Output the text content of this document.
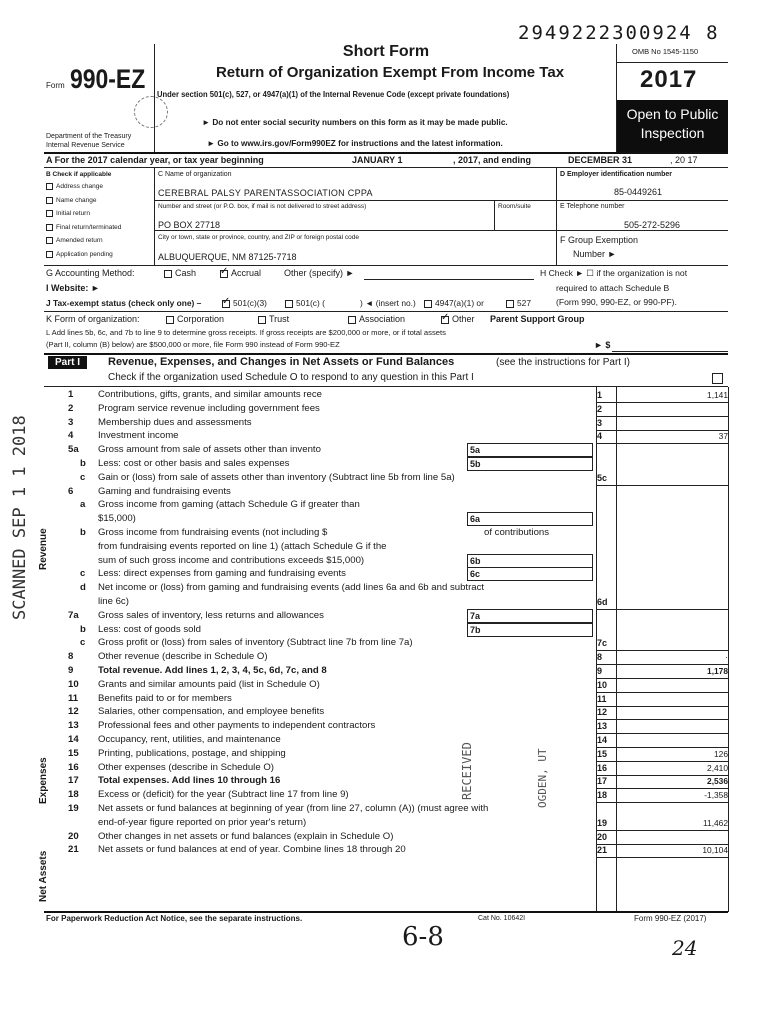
2949222300924 8
Form 990-EZ
Department of the Treasury
Internal Revenue Service
Short Form
Return of Organization Exempt From Income Tax
Under section 501(c), 527, or 4947(a)(1) of the Internal Revenue Code (except private foundations)
► Do not enter social security numbers on this form as it may be made public.
► Go to www.irs.gov/Form990EZ for instructions and the latest information.
OMB No 1545-1150
2017
Open to Public
Inspection
A For the 2017 calendar year, or tax year beginning	JANUARY 1	, 2017, and ending	DECEMBER 31	, 20 17
B Check if applicable
Address change
Name change
Initial return
Final return/terminated
Amended return
Application pending
C Name of organization
CEREBRAL PALSY PARENTASSOCIATION CPPA
Number and street (or P.O. box, if mail is not delivered to street address)	Room/suite
PO BOX 27718
City or town, state or province, country, and ZIP or foreign postal code
ALBUQUERQUE, NM 87125-7718
D Employer identification number
85-0449261
E Telephone number
505-272-5296
F Group Exemption
Number ►
G Accounting Method:	Cash ✓	Accrual	Other (specify) ►	H Check ► ☐ if the organization is not
required to attach Schedule B
(Form 990, 990-EZ, or 990-PF).
I Website: ►
J Tax-exempt status (check only one) – ✓	501(c)(3)	501(c) (	) ◄ (insert no.)	4947(a)(1) or	527
K Form of organization:	Corporation	Trust	Association ✓	Other Parent Support Group
L Add lines 5b, 6c, and 7b to line 9 to determine gross receipts. If gross receipts are $200,000 or more, or if total assets
(Part II, column (B) below) are $500,000 or more, file Form 990 instead of Form 990-EZ	► $
Part I	Revenue, Expenses, and Changes in Net Assets or Fund Balances	(see the instructions for Part I)
Check if the organization used Schedule O to respond to any question in this Part I
Revenue
Expenses
Net Assets
1	Contributions, gifts, grants, and similar amounts rece	1	1,141
2	Program service revenue including government fees	2
3	Membership dues and assessments	3
4	Investment income	4	37
5a Gross amount from sale of assets other than invento	5a
b Less: cost or other basis and sales expenses	5b
c Gain or (loss) from sale of assets other than inventory (Subtract line 5b from line 5a)	5c
6	Gaming and fundraising events
a Gross income from gaming (attach Schedule G if greater than
$15,000)	6a
b Gross income from fundraising events (not including $	of contributions
from fundraising events reported on line 1) (attach Schedule G if the
sum of such gross income and contributions exceeds $15,000)	6b
c Less: direct expenses from gaming and fundraising events	6c
d Net income or (loss) from gaming and fundraising events (add lines 6a and 6b and subtract
line 6c)	6d
7a Gross sales of inventory, less returns and allowances	7a
b Less: cost of goods sold	7b
c Gross profit or (loss) from sales of inventory (Subtract line 7b from line 7a)	7c
8	Other revenue (describe in Schedule O)	8	·
9	Total revenue. Add lines 1, 2, 3, 4, 5c, 6d, 7c, and 8	9	1,178
10 Grants and similar amounts paid (list in Schedule O)	10
11 Benefits paid to or for members	11
12 Salaries, other compensation, and employee benefits	12
13 Professional fees and other payments to independent contractors	13
14 Occupancy, rent, utilities, and maintenance	14
15 Printing, publications, postage, and shipping	15	126
16 Other expenses (describe in Schedule O)	16	2,410
17 Total expenses. Add lines 10 through 16	17	2,536
18 Excess or (deficit) for the year (Subtract line 17 from line 9)	18	-1,358
19 Net assets or fund balances at beginning of year (from line 27, column (A)) (must agree with
end-of-year figure reported on prior year's return)	19	11,462
20 Other changes in net assets or fund balances (explain in Schedule O)	20
21 Net assets or fund balances at end of year. Combine lines 18 through 20	21	10,104
For Paperwork Reduction Act Notice, see the separate instructions.	Cat No. 10642I	Form 990-EZ (2017)
SCANNED SEP 1 1 2018
RECEIVED	OGDEN, UT
6-8	24
